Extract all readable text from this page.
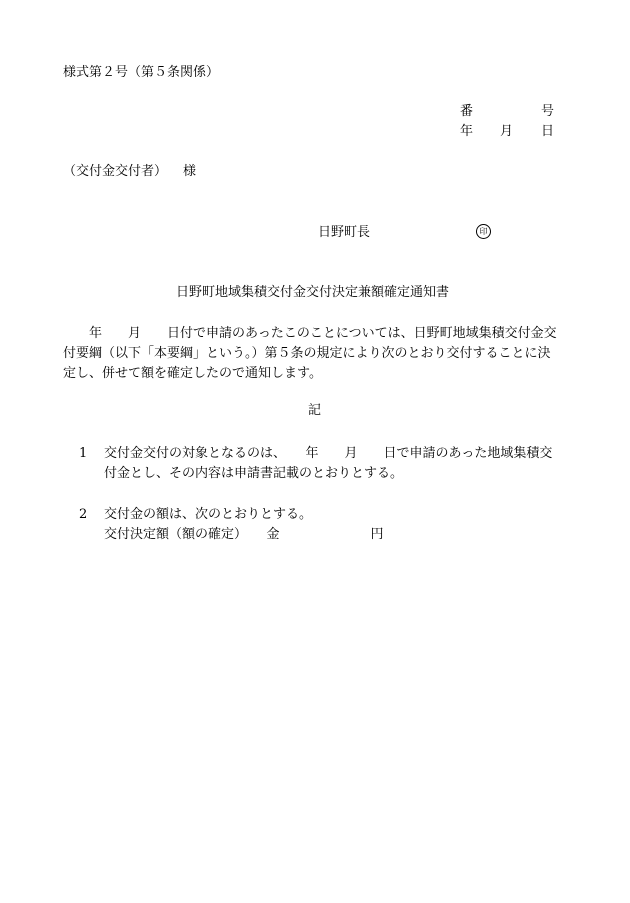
様式第２号（第５条関係）
番	号
年 月 日
（交付金交付者） 様
日野町長	印
日野町地域集積交付金交付決定兼額確定通知書
　　年　　月　　日付で申請のあったこのことについては、日野町地域集積交付金交
付要綱（以下「本要綱」という。）第５条の規定により次のとおり交付することに決
定し、併せて額を確定したので通知します。
記
1 交付金交付の対象となるのは、　　年　　月　　日で申請のあった地域集積交
付金とし、その内容は申請書記載のとおりとする。
2 交付金の額は、次のとおりとする。
交付決定額（額の確定）　　金　　　　　　　円
